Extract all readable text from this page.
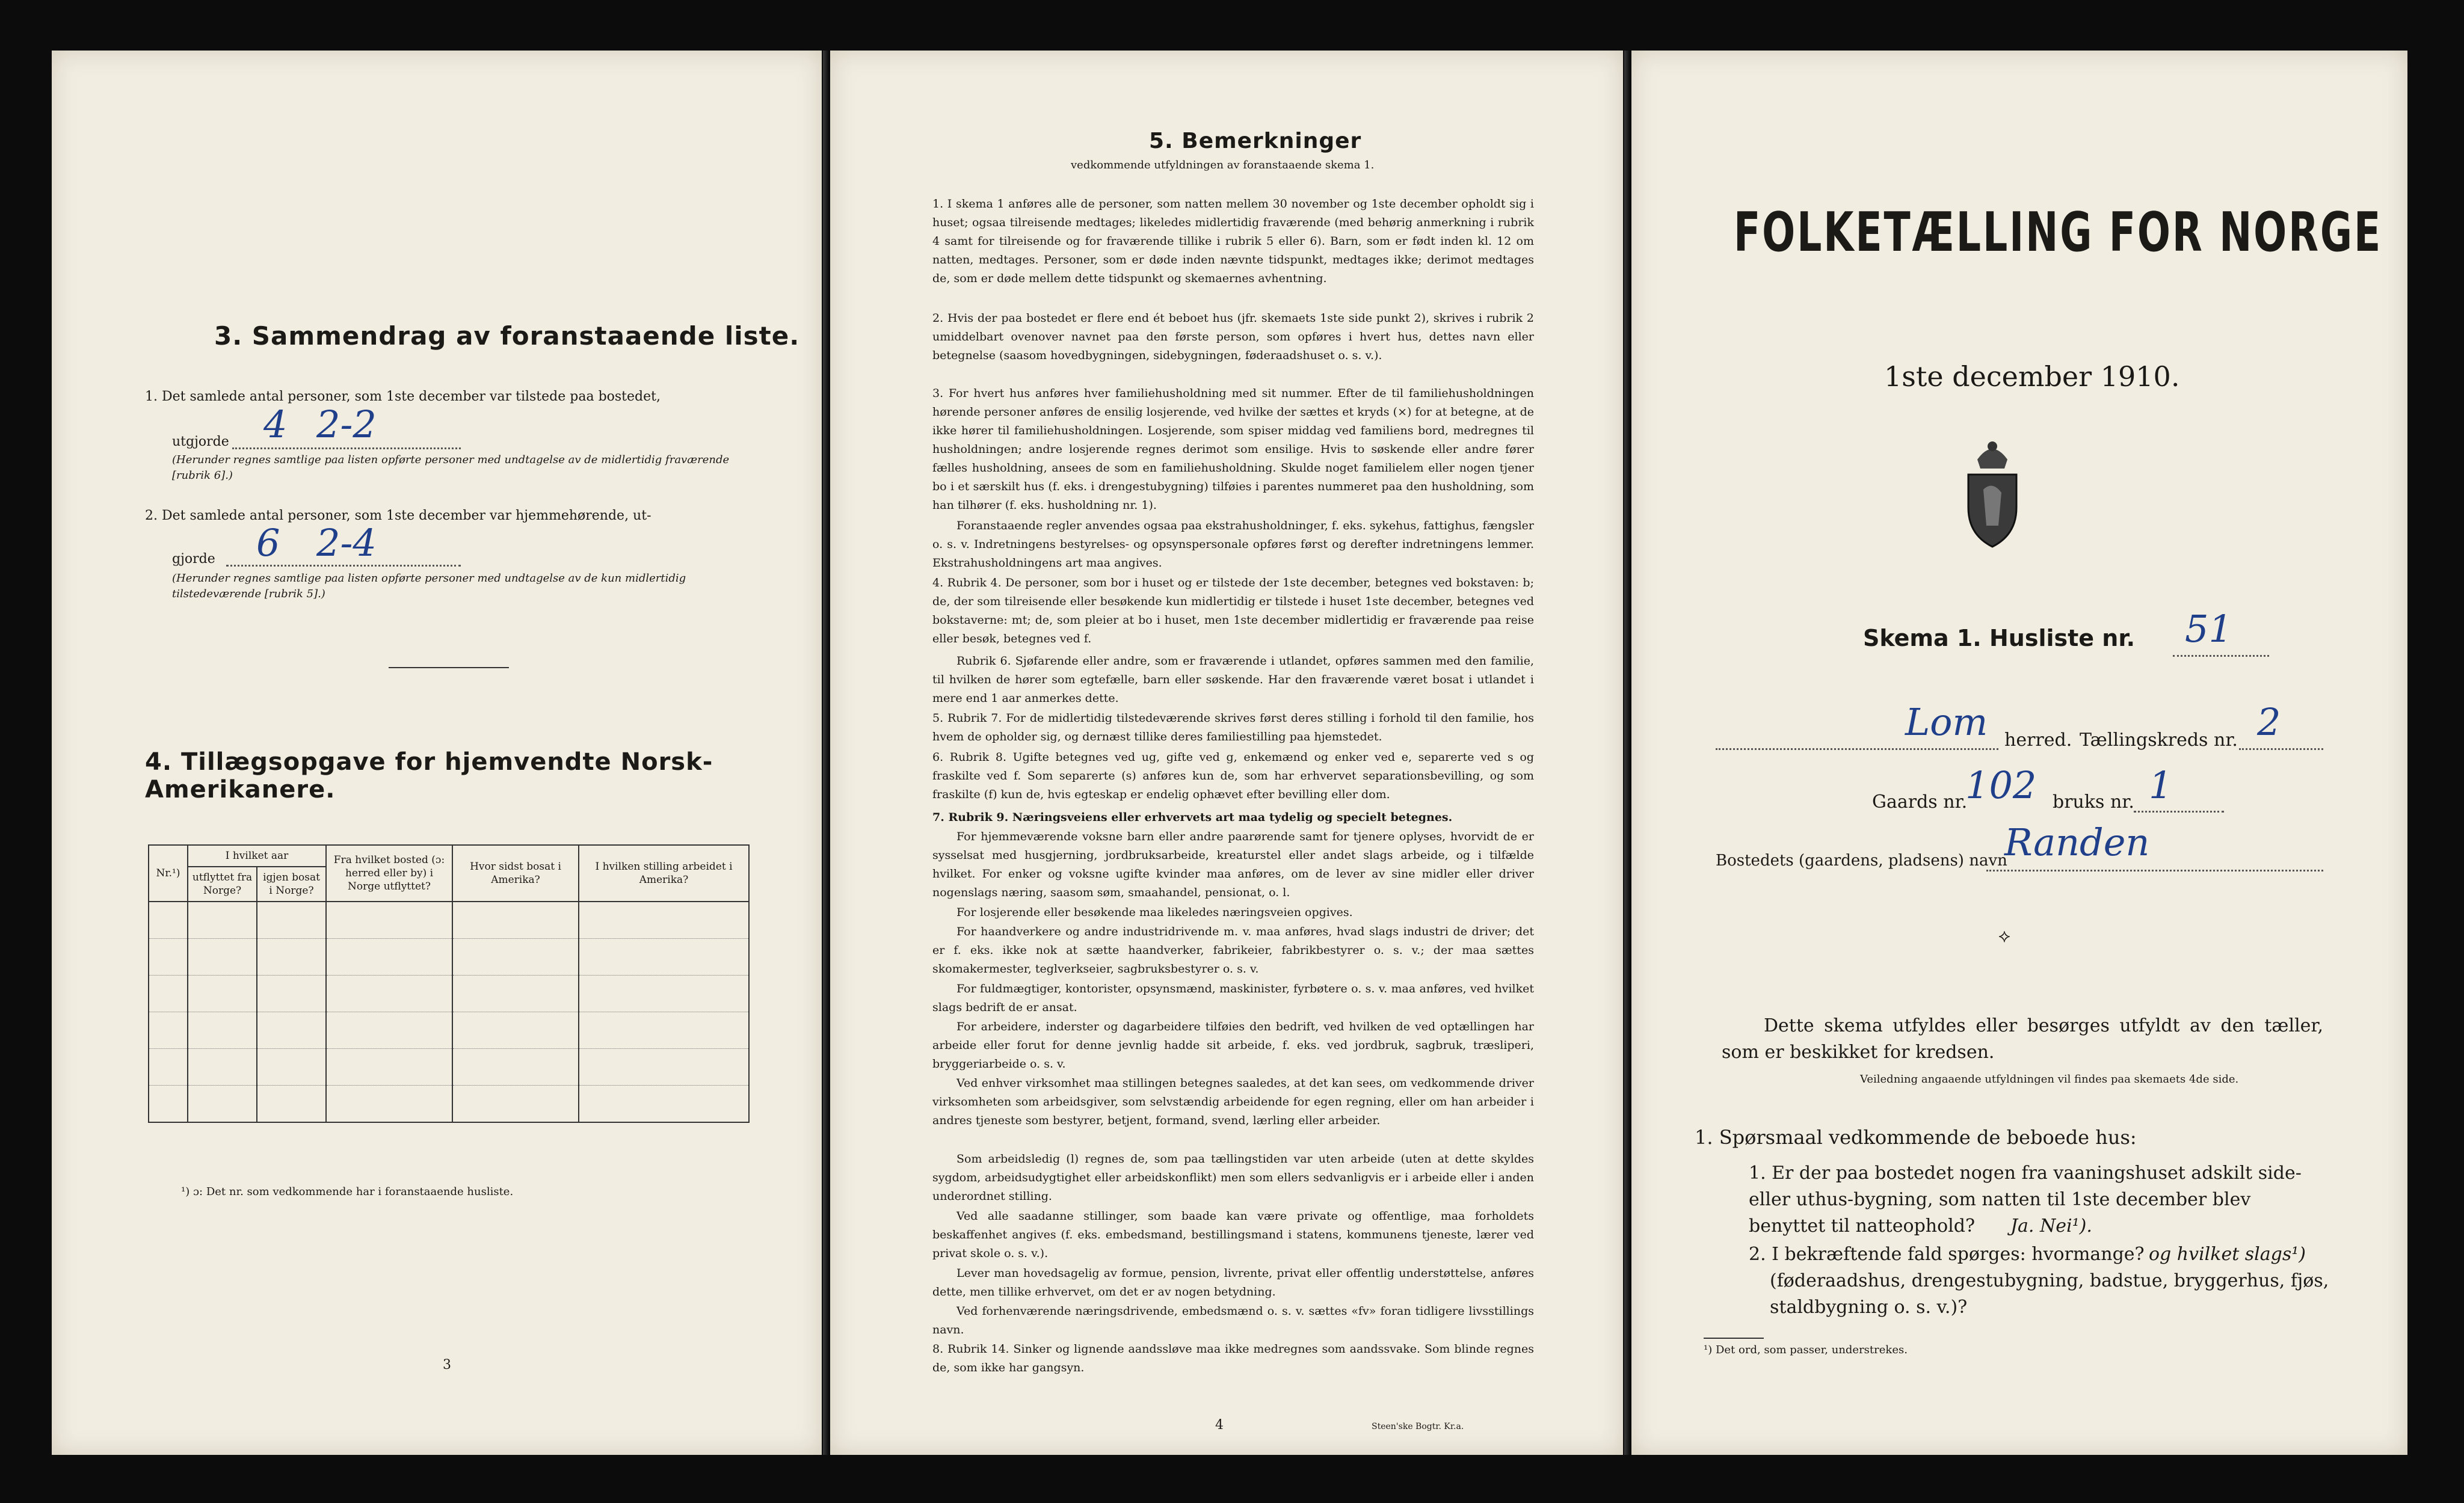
3. Sammendrag av foranstaaende liste.
1. Det samlede antal personer, som 1ste december var tilstede paa bostedet,
utgjorde 4 2-2
(Herunder regnes samtlige paa listen opførte personer med undtagelse av de midlertidig fraværende [rubrik 6].)
2. Det samlede antal personer, som 1ste december var hjemmehørende, ut-
gjorde 6 2-4
(Herunder regnes samtlige paa listen opførte personer med undtagelse av de kun midlertidig tilstedeværende [rubrik 5].)
4. Tillægsopgave for hjemvendte Norsk-Amerikanere.
Nr.¹)	I hvilket aar		Fra hvilket bosted (ɔ: herred eller by) i Norge utflyttet?	Hvor sidst bosat i Amerika?	I hvilken stilling arbeidet i Amerika?
	utflyttet fra Norge?	igjen bosat i Norge?			

¹) ɔ: Det nr. som vedkommende har i foranstaaende husliste.
3
5. Bemerkninger
vedkommende utfyldningen av foranstaaende skema 1.
1. I skema 1 anføres alle de personer, som natten mellem 30 november og 1ste december opholdt sig i huset; ogsaa tilreisende medtages; likeledes midlertidig fraværende (med behørig anmerkning i rubrik 4 samt for tilreisende og for fraværende tillike i rubrik 5 eller 6). Barn, som er født inden kl. 12 om natten, medtages. Personer, som er døde inden nævnte tidspunkt, medtages ikke; derimot medtages de, som er døde mellem dette tidspunkt og skemaernes avhentning.
2. Hvis der paa bostedet er flere end ét beboet hus (jfr. skemaets 1ste side punkt 2), skrives i rubrik 2 umiddelbart ovenover navnet paa den første person, som opføres i hvert hus, dettes navn eller betegnelse (saasom hovedbygningen, sidebygningen, føderaadshuset o. s. v.).
3. For hvert hus anføres hver familiehusholdning med sit nummer. Efter de til familiehusholdningen hørende personer anføres de ensilig losjerende, ved hvilke der sættes et kryds (×) for at betegne, at de ikke hører til familiehusholdningen. Losjerende, som spiser middag ved familiens bord, medregnes til husholdningen; andre losjerende regnes derimot som ensilige. Hvis to søskende eller andre fører fælles husholdning, ansees de som en familiehusholdning. Skulde noget familielem eller nogen tjener bo i et særskilt hus (f. eks. i drengestubygning) tilføies i parentes nummeret paa den husholdning, som han tilhører (f. eks. husholdning nr. 1).
Foranstaaende regler anvendes ogsaa paa ekstrahusholdninger, f. eks. sykehus, fattighus, fængsler o. s. v. Indretningens bestyrelses- og opsynspersonale opføres først og derefter indretningens lemmer. Ekstrahusholdningens art maa angives.
4. Rubrik 4. De personer, som bor i huset og er tilstede der 1ste december, betegnes ved bokstaven: b; de, der som tilreisende eller besøkende kun midlertidig er tilstede i huset 1ste december, betegnes ved bokstaverne: mt; de, som pleier at bo i huset, men 1ste december midlertidig er fraværende paa reise eller besøk, betegnes ved f.
Rubrik 6. Sjøfarende eller andre, som er fraværende i utlandet, opføres sammen med den familie, til hvilken de hører som egtefælle, barn eller søskende. Har den fraværende været bosat i utlandet i mere end 1 aar anmerkes dette.
5. Rubrik 7. For de midlertidig tilstedeværende skrives først deres stilling i forhold til den familie, hos hvem de opholder sig, og dernæst tillike deres familiestilling paa hjemstedet.
6. Rubrik 8. Ugifte betegnes ved ug, gifte ved g, enkemænd og enker ved e, separerte ved s og fraskilte ved f. Som separerte (s) anføres kun de, som har erhvervet separationsbevilling, og som fraskilte (f) kun de, hvis egteskap er endelig ophævet efter bevilling eller dom.
7. Rubrik 9. Næringsveiens eller erhvervets art maa tydelig og specielt betegnes.
For hjemmeværende voksne barn eller andre paarørende samt for tjenere oplyses, hvorvidt de er sysselsat med husgjerning, jordbruksarbeide, kreaturstel eller andet slags arbeide, og i tilfælde hvilket. For enker og voksne ugifte kvinder maa anføres, om de lever av sine midler eller driver nogenslags næring, saasom søm, smaahandel, pensionat, o. l.
For losjerende eller besøkende maa likeledes næringsveien opgives.
For haandverkere og andre industridrivende m. v. maa anføres, hvad slags industri de driver; det er f. eks. ikke nok at sætte haandverker, fabrikeier, fabrikbestyrer o. s. v.; der maa sættes skomakermester, teglverkseier, sagbruksbestyrer o. s. v.
For fuldmægtiger, kontorister, opsynsmænd, maskinister, fyrbøtere o. s. v. maa anføres, ved hvilket slags bedrift de er ansat.
For arbeidere, inderster og dagarbeidere tilføies den bedrift, ved hvilken de ved optællingen har arbeide eller forut for denne jevnlig hadde sit arbeide, f. eks. ved jordbruk, sagbruk, træsliperi, bryggeriarbeide o. s. v.
Ved enhver virksomhet maa stillingen betegnes saaledes, at det kan sees, om vedkommende driver virksomheten som arbeidsgiver, som selvstændig arbeidende for egen regning, eller om han arbeider i andres tjeneste som bestyrer, betjent, formand, svend, lærling eller arbeider.
Som arbeidsledig (l) regnes de, som paa tællingstiden var uten arbeide (uten at dette skyldes sygdom, arbeidsudygtighet eller arbeidskonflikt) men som ellers sedvanligvis er i arbeide eller i anden underordnet stilling.
Ved alle saadanne stillinger, som baade kan være private og offentlige, maa forholdets beskaffenhet angives (f. eks. embedsmand, bestillingsmand i statens, kommunens tjeneste, lærer ved privat skole o. s. v.).
Lever man hovedsagelig av formue, pension, livrente, privat eller offentlig understøttelse, anføres dette, men tillike erhvervet, om det er av nogen betydning.
Ved forhenværende næringsdrivende, embedsmænd o. s. v. sættes «fv» foran tidligere livsstillings navn.
8. Rubrik 14. Sinker og lignende aandssløve maa ikke medregnes som aandssvake. Som blinde regnes de, som ikke har gangsyn.
4	Steen'ske Bogtr. Kr.a.
FOLKETÆLLING FOR NORGE
1ste december 1910.
Skema 1. Husliste nr. 51
Lom herred. Tællingskreds nr. 2
Gaards nr.
102 bruks nr. 1
Bostedets (gaardens, pladsens) navn
Randen
⟡
Dette skema utfyldes eller besørges utfyldt av den tæller, som er beskikket for kredsen.
Veiledning angaaende utfyldningen vil findes paa skemaets 4de side.
1. Spørsmaal vedkommende de beboede hus:
1. Er der paa bostedet nogen fra vaaningshuset adskilt side- eller uthus-bygning, som natten til 1ste december blev benyttet til natteophold?	Ja. Nei¹).
2. I bekræftende fald spørges: hvormange? og hvilket slags¹)
(føderaadshus, drengestubygning, badstue, bryggerhus, fjøs, staldbygning o. s. v.)?
¹) Det ord, som passer, understrekes.
